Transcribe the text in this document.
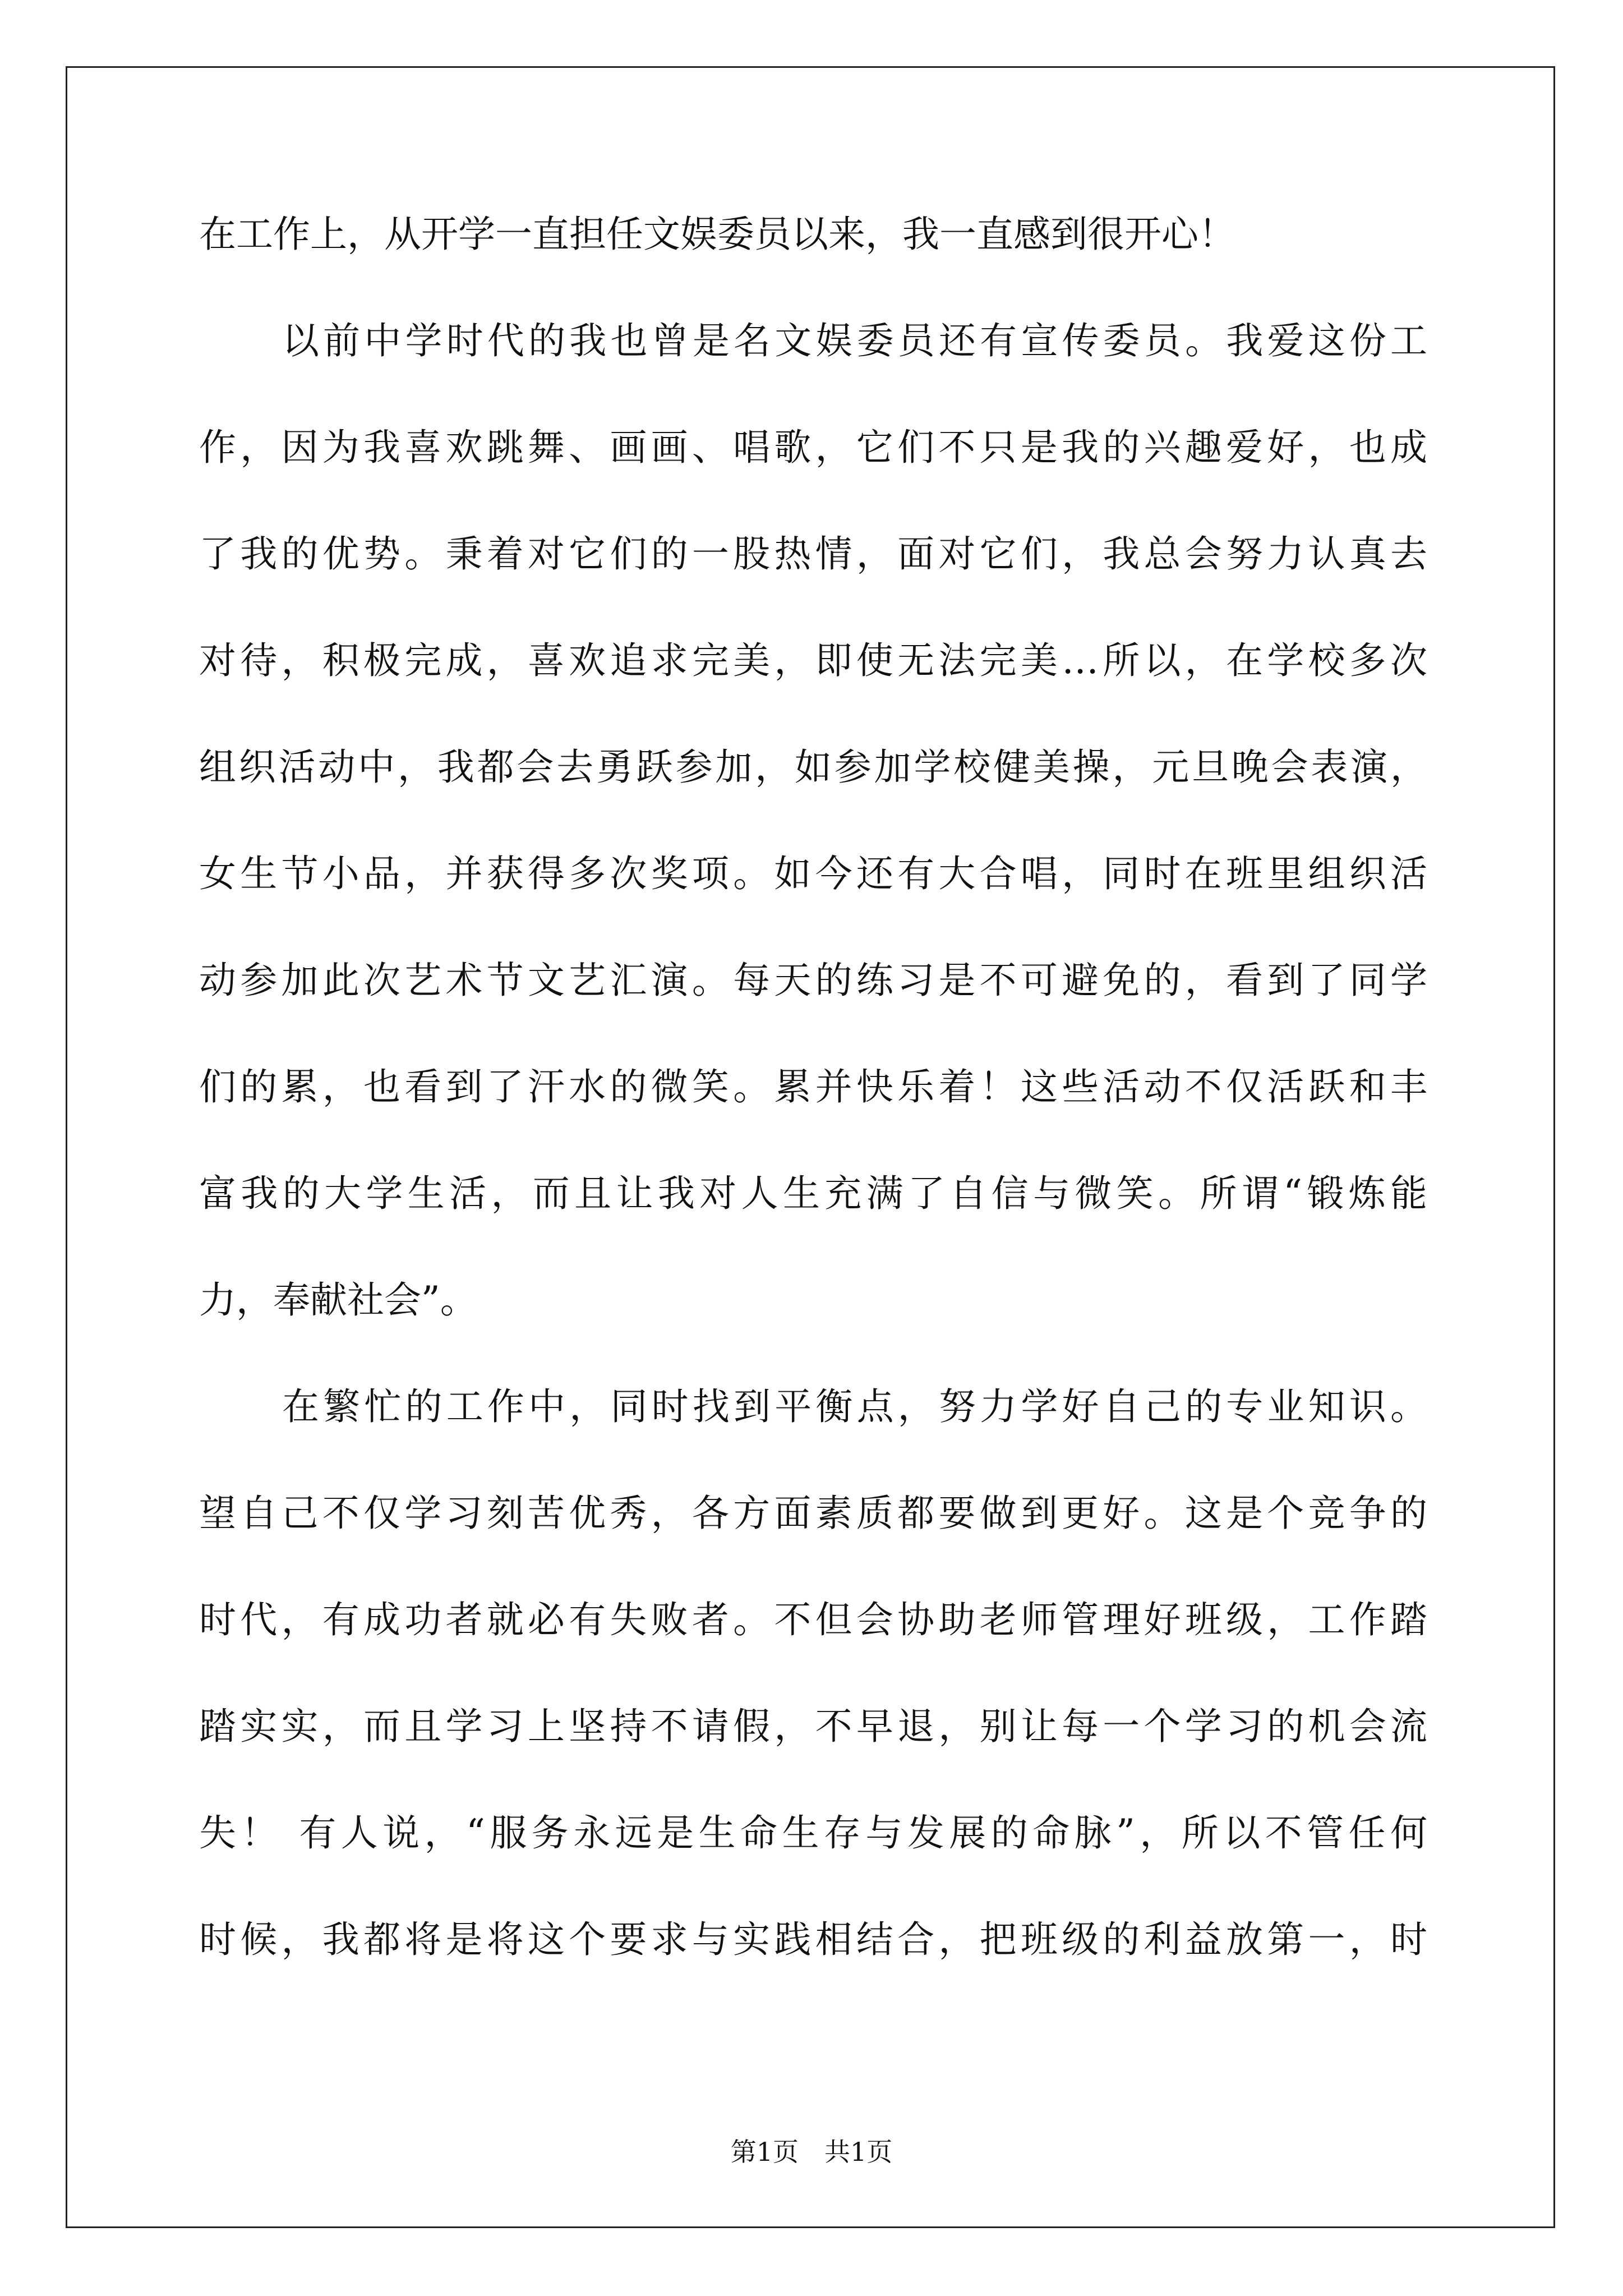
在工作上，从开学一直担任文娱委员以来，我一直感到很开心！
以前中学时代的我也曾是名文娱委员还有宣传委员。我爱这份工
作，因为我喜欢跳舞、画画、唱歌，它们不只是我的兴趣爱好，也成
了我的优势。秉着对它们的一股热情，面对它们，我总会努力认真去
对待，积极完成，喜欢追求完美，即使无法完美…所以，在学校多次
组织活动中，我都会去勇跃参加，如参加学校健美操，元旦晚会表演，
女生节小品，并获得多次奖项。如今还有大合唱，同时在班里组织活
动参加此次艺术节文艺汇演。每天的练习是不可避免的，看到了同学
们的累，也看到了汗水的微笑。累并快乐着！这些活动不仅活跃和丰
富我的大学生活，而且让我对人生充满了自信与微笑。所谓“锻炼能
力，奉献社会”。
在繁忙的工作中，同时找到平衡点，努力学好自己的专业知识。
望自己不仅学习刻苦优秀，各方面素质都要做到更好。这是个竞争的
时代，有成功者就必有失败者。不但会协助老师管理好班级，工作踏
踏实实，而且学习上坚持不请假，不早退，别让每一个学习的机会流
失！ 有人说，“服务永远是生命生存与发展的命脉”，所以不管任何
时候，我都将是将这个要求与实践相结合，把班级的利益放第一，时
第1页　共1页
